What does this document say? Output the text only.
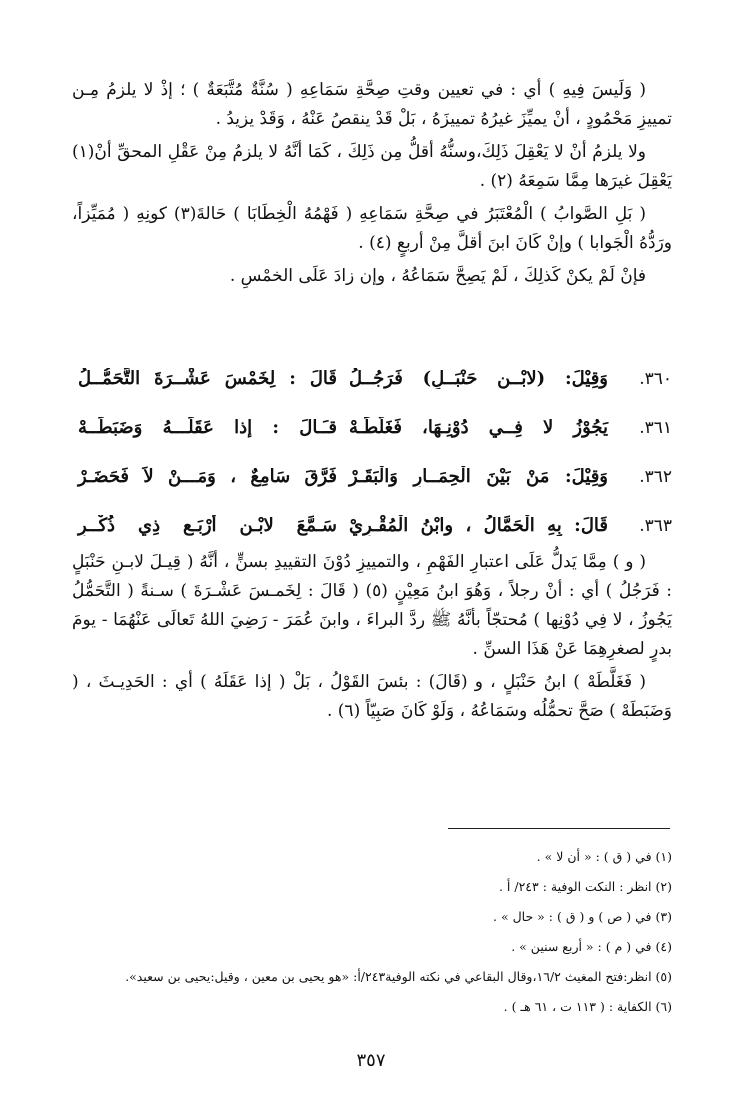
( وَلَيسَ فِيهِ ) أي : في تعيين وقتِ صِحَّةِ سَمَاعِهِ ( سُنَّةٌ مُتَّبَعَةٌ ) ؛ إذْ لا يلزمُ مِـن تمييزِ مَحْمُودٍ ، أنْ يميِّزَ غيرُهُ تمييزَهُ ، بَلْ قَدْ ينقصُ عَنْهُ ، وَقَدْ يزيدُ .

ولا يلزمُ أنْ لا يَعْقِلَ ذَلِكَ،وسنُّهُ أقلُّ مِن ذَلِكَ ، كَمَا أنَّهُ لا يلزمُ مِنْ عَقْلِ المحقِّ أنْ(١) يَعْقِلَ غيرَها مِمَّا سَمِعَهُ (٢) .

( بَلِ الصَّوابُ ) الْمُعْتَبَرُ في صِحَّةِ سَمَاعِهِ ( فَهْمُهُ الْخِطَابَا ) حَالةَ(٣) كونِهِ ( مُمَيِّزاً، ورَدُّهُ الْجَوابا ) وإنْ كَانَ ابنَ أقلَّ مِنْ أربعٍ (٤) .

فإنْ لَمْ يكنْ كَذلِكَ ، لَمْ يَصِحَّ سَمَاعُهُ ، وإن زادَ عَلَى الخمْسِ .

٣٦٠.
وَقِيْلَ: (لابْــنِ حَنْبَــلٍ) فَرَجُــلُ
قَالَ : لِخَمْسَ عَشْــرَةَ التَّحَمُّــلُ
٣٦١.
يَجُوْزُ لا فِــي دُوْنِـهَا، فَغَلَّطَـهْ
قـَـالَ : إذا عَقَلَـــهُ وَضَبَطَــهْ
٣٦٢.
وَقِيْلَ: مَنْ بَيْنَ الْحِمَــارِ وَالْبَقَـرْ
فَرَّقَ سَامِعٌ ، وَمَـــنْ لاَ فَحَضَـرْ
٣٦٣.
قَالَ: بِهِ الْحَمَّالُ ، وابْنُ الْمُقْـرِيْ
سَـمَّعَ لابْـنِ أَرْبَـعٍ ذِي ذُكْــرِ

( و ) مِمَّا يَدلُّ عَلَى اعتبارِ الفَهْمِ ، والتمييزِ دُوْنَ التقييدِ بسنٍّ ، أنَّهُ ( قِيـلَ لابـنِ حَنْبَلٍ : فَرَجُلُ ) أي : أنْ رجلاً ، وَهُوَ ابنُ مَعِيْنٍ (٥) ( قَالَ : لِخَمـسَ عَشْـرَةَ ) سـنةً ( التَّحَمُّلُ يَجُوزُ ، لا فِي دُوْنِها ) مُحتجّاً بأنَّهُ ﷺ ردَّ البراءَ ، وابنَ عُمَرَ - رَضِيَ اللهُ تَعالَى عَنْهُمَا - يومَ بدرٍ لصغرِهِمَا عَنْ هَذَا السنِّ .

( فَغَلَّطَهْ ) ابنُ حَنْبَلٍ ، و (قَالَ) : بئسَ القَوْلُ ، بَلْ ( إذا عَقَلَهُ ) أي : الحَدِيـثَ ، ( وَضَبَطَهْ ) صَحَّ تحمُّلُه وسَمَاعُهُ ، وَلَوْ كَانَ صَبِيّاً (٦) .

(١) في ( ق ) : « أن لا » .

(٢) انظر : النكت الوفية : ٢٤٣/ أ .

(٣) في ( ص ) و ( ق ) : « حال » .

(٤) في ( م ) : « أربع سنين » .

(٥) انظر:فتح المغيث ١٦/٢،وقال البقاعي في نكته الوفية٢٤٣/أ: «هو يحيى بن معين ، وقيل:يحيى بن سعيد».

(٦) الكفاية : ( ١١٣ ت ، ٦١ هـ ) .

٣٥٧
